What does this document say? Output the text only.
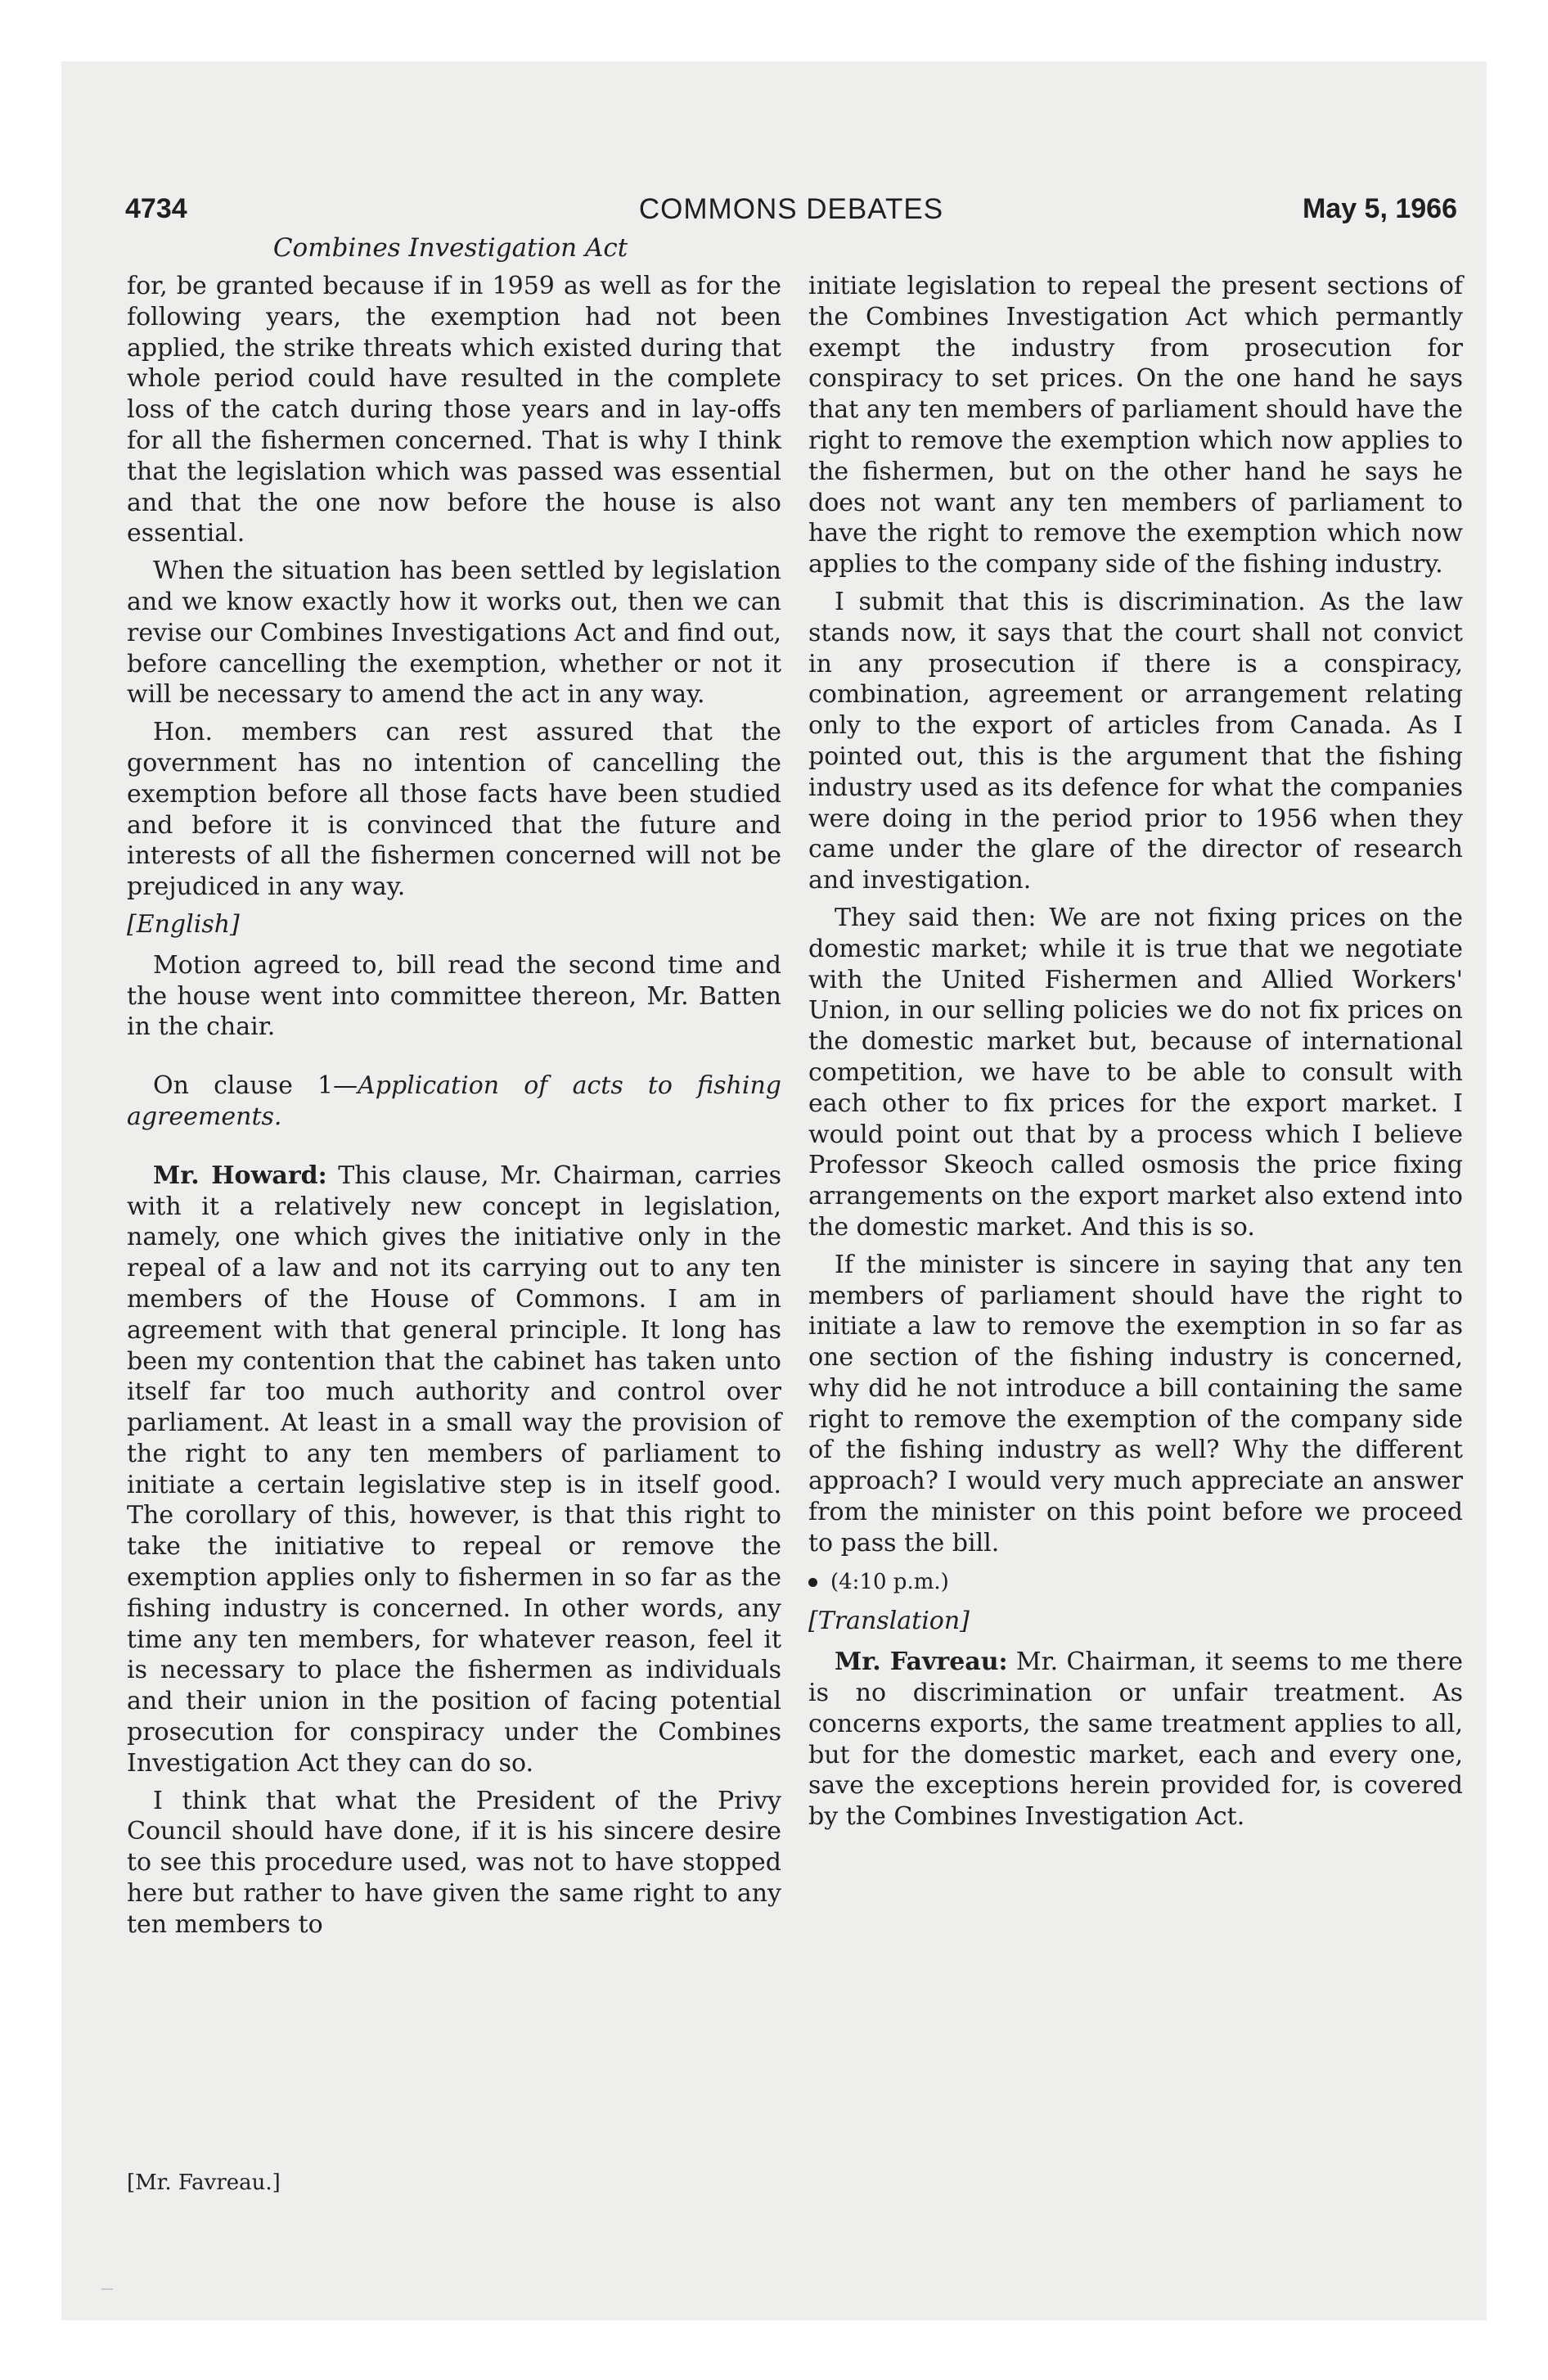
4734	COMMONS DEBATES	May 5, 1966
Combines Investigation Act

for, be granted because if in 1959 as well as for the following years, the exemption had not been applied, the strike threats which existed during that whole period could have resulted in the complete loss of the catch during those years and in lay-offs for all the fishermen concerned. That is why I think that the legislation which was passed was essential and that the one now before the house is also essential.

When the situation has been settled by legislation and we know exactly how it works out, then we can revise our Combines Investigations Act and find out, before cancelling the exemption, whether or not it will be necessary to amend the act in any way.

Hon. members can rest assured that the government has no intention of cancelling the exemption before all those facts have been studied and before it is convinced that the future and interests of all the fishermen concerned will not be prejudiced in any way.

[English]

Motion agreed to, bill read the second time and the house went into committee thereon, Mr. Batten in the chair.

On clause 1—Application of acts to fishing agreements.

Mr. Howard: This clause, Mr. Chairman, carries with it a relatively new concept in legislation, namely, one which gives the initiative only in the repeal of a law and not its carrying out to any ten members of the House of Commons. I am in agreement with that general principle. It long has been my contention that the cabinet has taken unto itself far too much authority and control over parliament. At least in a small way the provision of the right to any ten members of parliament to initiate a certain legislative step is in itself good. The corollary of this, however, is that this right to take the initiative to repeal or remove the exemption applies only to fishermen in so far as the fishing industry is concerned. In other words, any time any ten members, for whatever reason, feel it is necessary to place the fishermen as individuals and their union in the position of facing potential prosecution for conspiracy under the Combines Investigation Act they can do so.

I think that what the President of the Privy Council should have done, if it is his sincere desire to see this procedure used, was not to have stopped here but rather to have given the same right to any ten members to

[Mr. Favreau.]

initiate legislation to repeal the present sections of the Combines Investigation Act which permantly exempt the industry from prosecution for conspiracy to set prices. On the one hand he says that any ten members of parliament should have the right to remove the exemption which now applies to the fishermen, but on the other hand he says he does not want any ten members of parliament to have the right to remove the exemption which now applies to the company side of the fishing industry.

I submit that this is discrimination. As the law stands now, it says that the court shall not convict in any prosecution if there is a conspiracy, combination, agreement or arrangement relating only to the export of articles from Canada. As I pointed out, this is the argument that the fishing industry used as its defence for what the companies were doing in the period prior to 1956 when they came under the glare of the director of research and investigation.

They said then: We are not fixing prices on the domestic market; while it is true that we negotiate with the United Fishermen and Allied Workers' Union, in our selling policies we do not fix prices on the domestic market but, because of international competition, we have to be able to consult with each other to fix prices for the export market. I would point out that by a process which I believe Professor Skeoch called osmosis the price fixing arrangements on the export market also extend into the domestic market. And this is so.

If the minister is sincere in saying that any ten members of parliament should have the right to initiate a law to remove the exemption in so far as one section of the fishing industry is concerned, why did he not introduce a bill containing the same right to remove the exemption of the company side of the fishing industry as well? Why the different approach? I would very much appreciate an answer from the minister on this point before we proceed to pass the bill.

(4:10 p.m.)

[Translation]

Mr. Favreau: Mr. Chairman, it seems to me there is no discrimination or unfair treatment. As concerns exports, the same treatment applies to all, but for the domestic market, each and every one, save the exceptions herein provided for, is covered by the Combines Investigation Act.
